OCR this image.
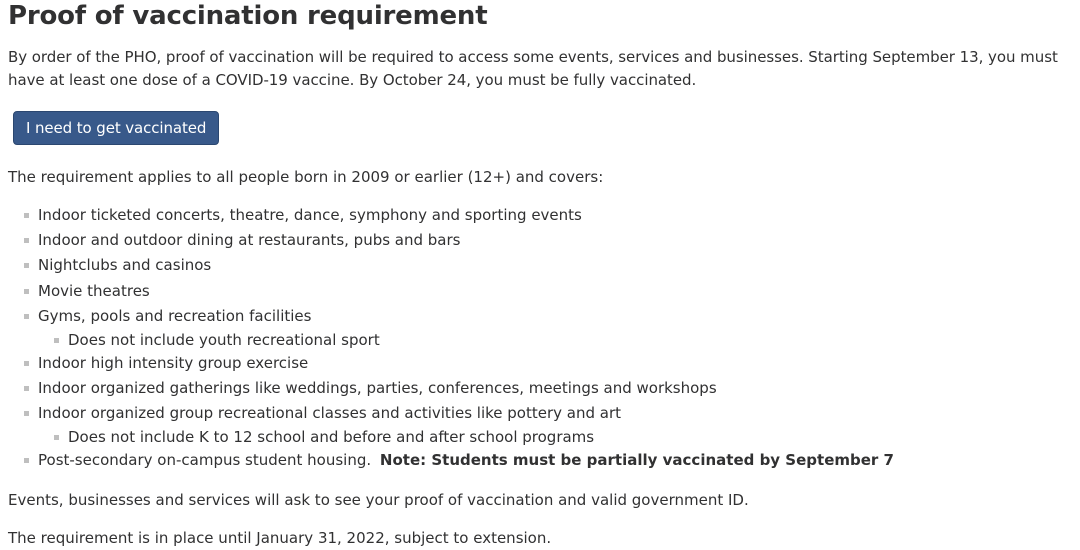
Proof of vaccination requirement

By order of the PHO, proof of vaccination will be required to access some events, services and businesses. Starting September 13, you must have at least one dose of a COVID-19 vaccine. By October 24, you must be fully vaccinated.

I need to get vaccinated

The requirement applies to all people born in 2009 or earlier (12+) and covers:

Indoor ticketed concerts, theatre, dance, symphony and sporting events
Indoor and outdoor dining at restaurants, pubs and bars
Nightclubs and casinos
Movie theatres
Gyms, pools and recreation facilities
Does not include youth recreational sport
Indoor high intensity group exercise
Indoor organized gatherings like weddings, parties, conferences, meetings and workshops
Indoor organized group recreational classes and activities like pottery and art
Does not include K to 12 school and before and after school programs
Post-secondary on-campus student housing. Note: Students must be partially vaccinated by September 7

Events, businesses and services will ask to see your proof of vaccination and valid government ID.

The requirement is in place until January 31, 2022, subject to extension.
